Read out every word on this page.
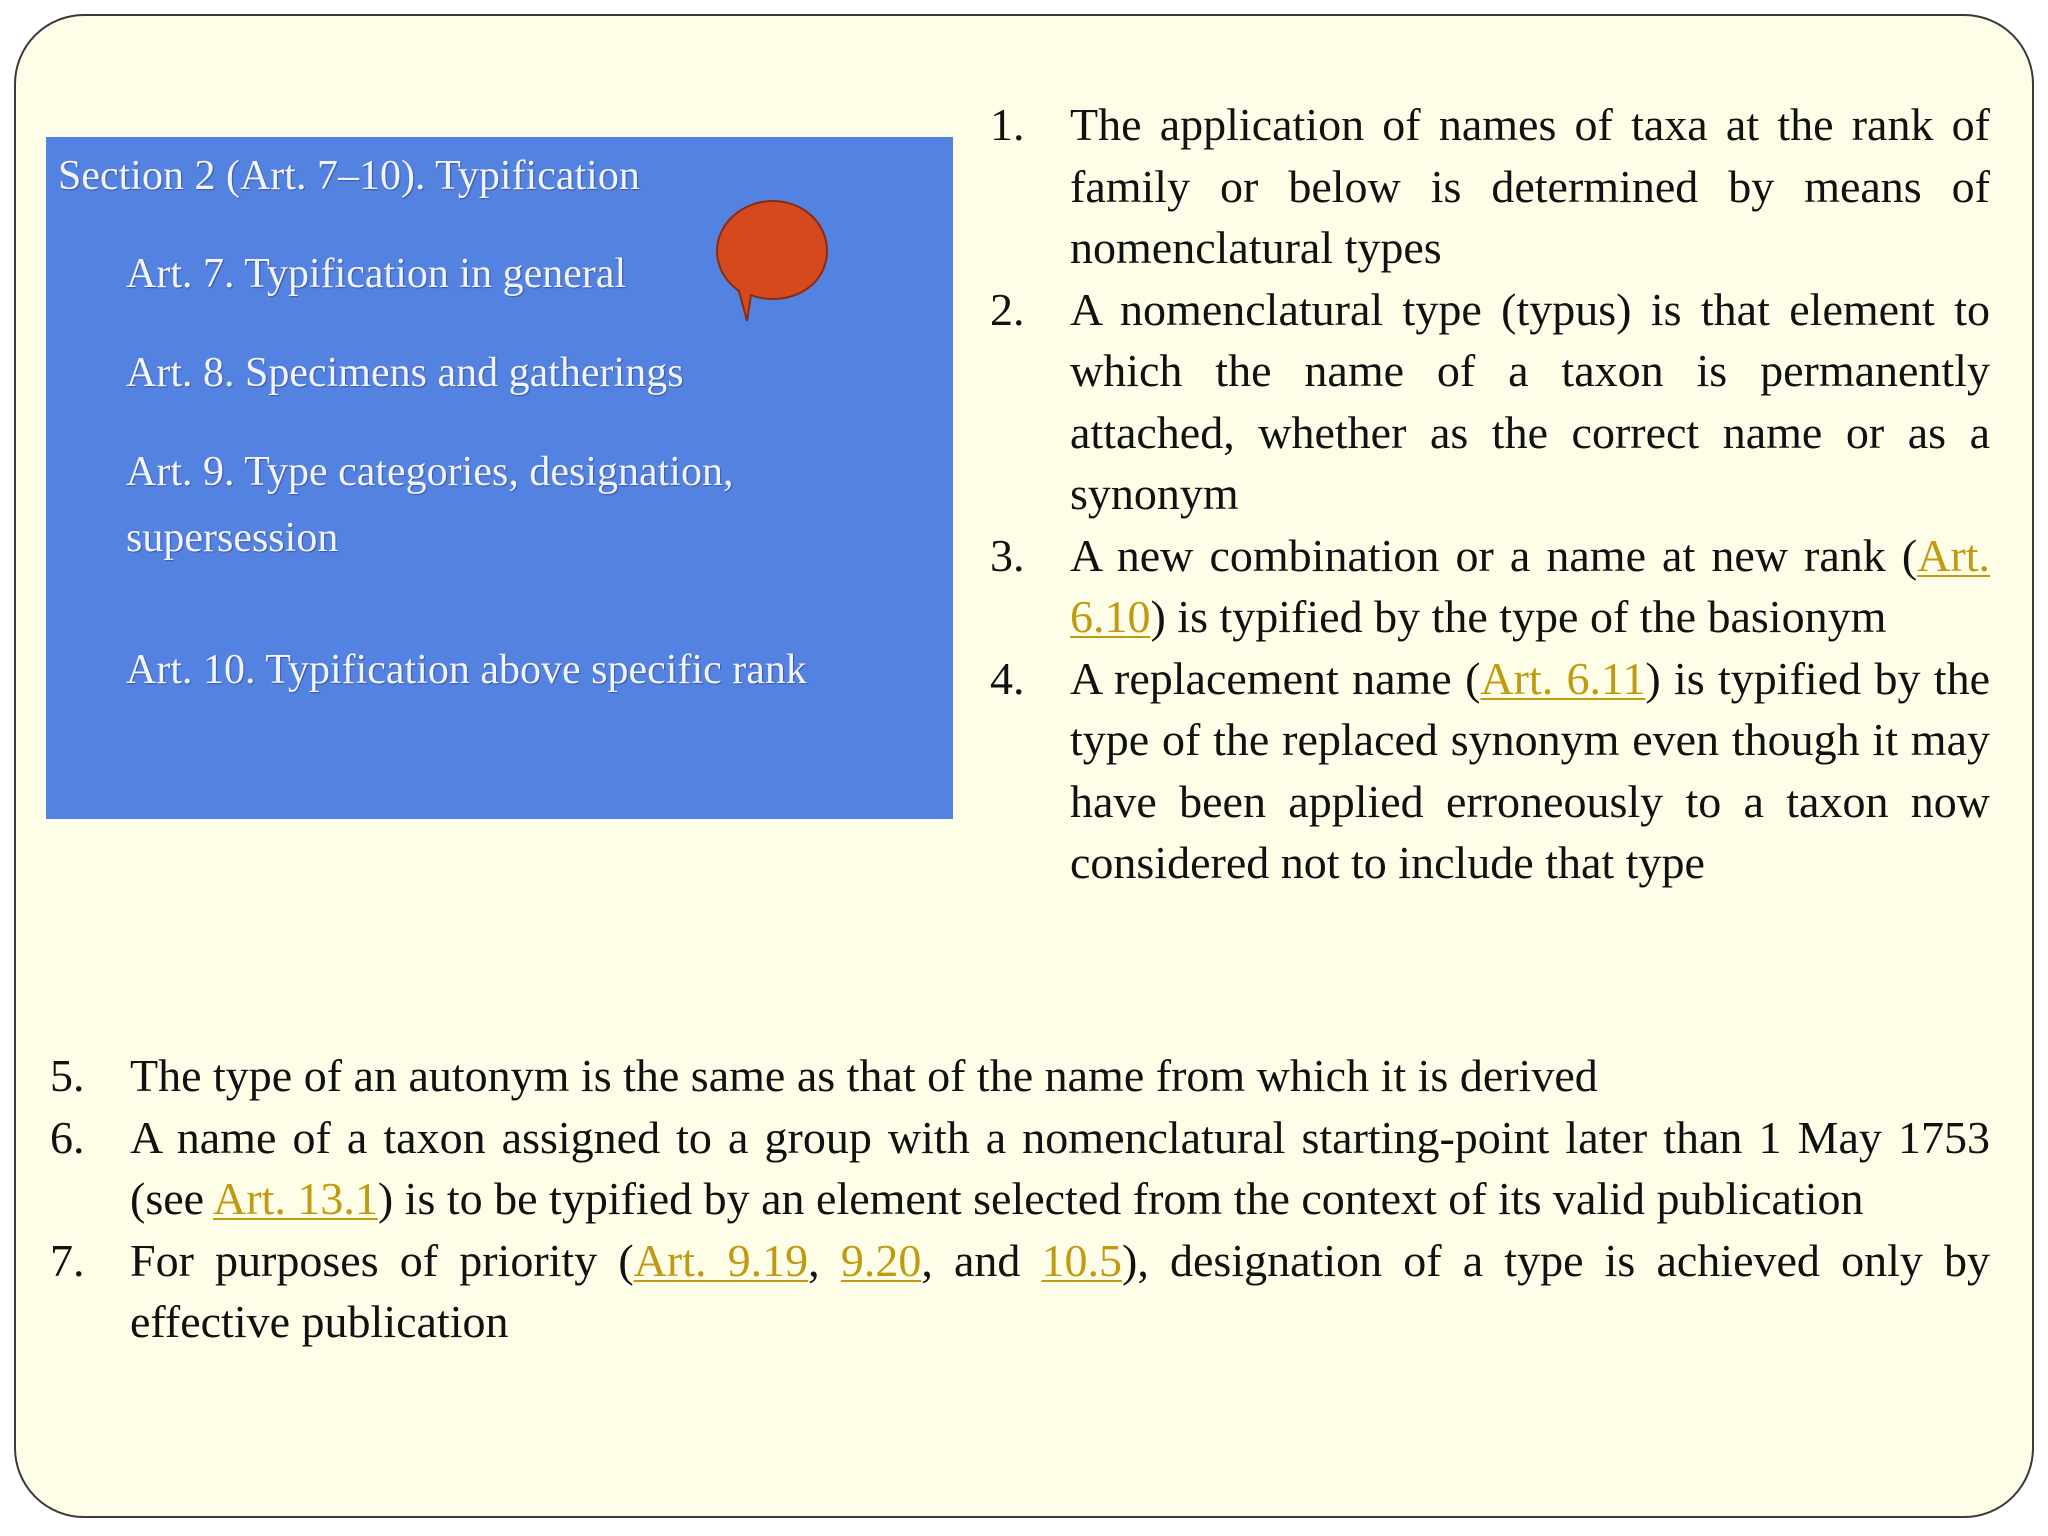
Section 2 (Art. 7–10). Typification
Art. 7. Typification in general
Art. 8. Specimens and gatherings
Art. 9. Type categories, designation,
supersession
Art. 10. Typification above specific rank
1. The application of names of taxa at the rank of family or below is determined by means of nomenclatural types
2. A nomenclatural type (typus) is that element to which the name of a taxon is permanently attached, whether as the correct name or as a synonym
3. A new combination or a name at new rank (Art. 6.10) is typified by the type of the basionym
4. A replacement name (Art. 6.11) is typified by the type of the replaced synonym even though it may have been applied erroneously to a taxon now considered not to include that type
5. The type of an autonym is the same as that of the name from which it is derived
6. A name of a taxon assigned to a group with a nomenclatural starting-point later than 1 May 1753 (see Art. 13.1) is to be typified by an element selected from the context of its valid publication
7. For purposes of priority (Art. 9.19, 9.20, and 10.5), designation of a type is achieved only by effective publication
